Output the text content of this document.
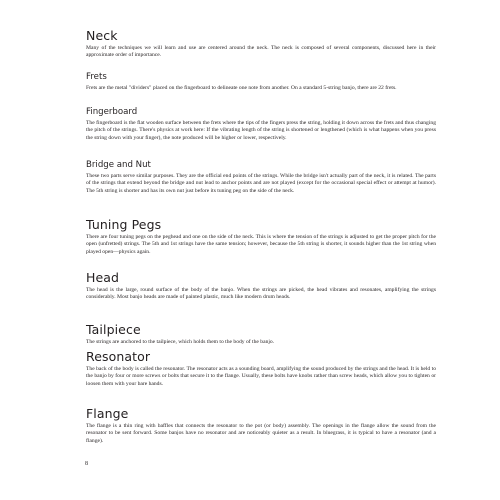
Neck

Many of the techniques we will learn and use are centered around the neck. The neck is composed of several components, discussed here in their approximate order of importance.

Frets

Frets are the metal "dividers" placed on the fingerboard to delineate one note from another. On a standard 5-string banjo, there are 22 frets.

Fingerboard

The fingerboard is the flat wooden surface between the frets where the tips of the fingers press the string, holding it down across the frets and thus changing the pitch of the strings. There's physics at work here: If the vibrating length of the string is shortened or lengthened (which is what happens when you press the string down with your finger), the note produced will be higher or lower, respectively.

Bridge and Nut

These two parts serve similar purposes. They are the official end points of the strings. While the bridge isn't actually part of the neck, it is related. The parts of the strings that extend beyond the bridge and nut lead to anchor points and are not played (except for the occasional special effect or attempt at humor). The 5th string is shorter and has its own nut just before its tuning peg on the side of the neck.

Tuning Pegs

There are four tuning pegs on the peghead and one on the side of the neck. This is where the tension of the strings is adjusted to get the proper pitch for the open (unfretted) strings. The 5th and 1st strings have the same tension; however, because the 5th string is shorter, it sounds higher than the 1st string when played open—physics again.

Head

The head is the large, round surface of the body of the banjo. When the strings are picked, the head vibrates and resonates, amplifying the strings considerably. Most banjo heads are made of painted plastic, much like modern drum heads.

Tailpiece

The strings are anchored to the tailpiece, which holds them to the body of the banjo.

Resonator

The back of the body is called the resonator. The resonator acts as a sounding board, amplifying the sound produced by the strings and the head. It is held to the banjo by four or more screws or bolts that secure it to the flange. Usually, these bolts have knobs rather than screw heads, which allow you to tighten or loosen them with your bare hands.

Flange

The flange is a thin ring with baffles that connects the resonator to the pot (or body) assembly. The openings in the flange allow the sound from the resonator to be sent forward. Some banjos have no resonator and are noticeably quieter as a result. In bluegrass, it is typical to have a resonator (and a flange).

8
